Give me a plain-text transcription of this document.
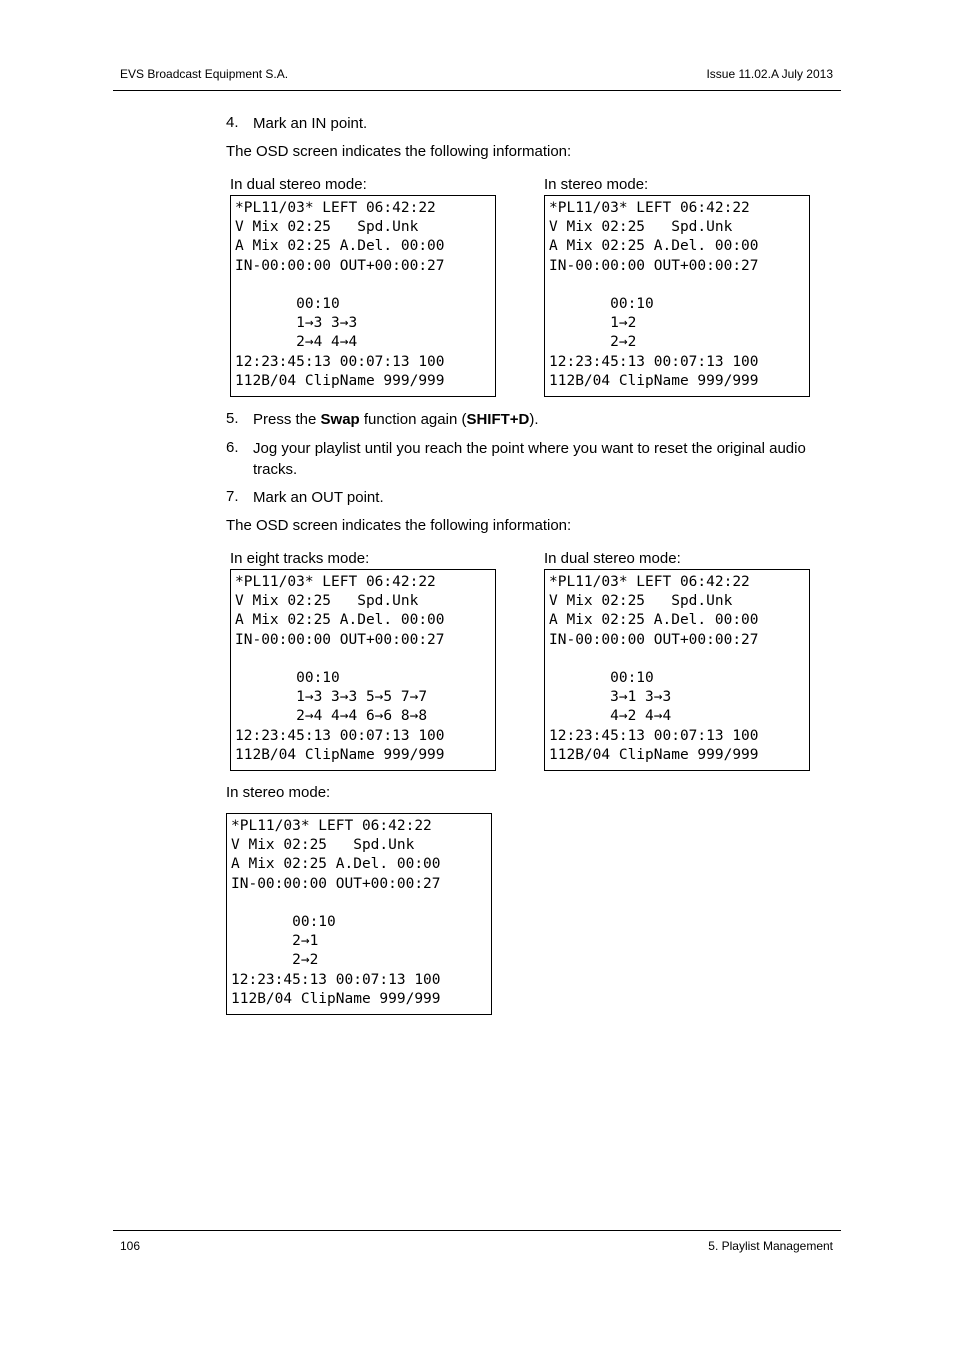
EVS Broadcast Equipment S.A.	Issue 11.02.A July 2013
4. Mark an IN point.
The OSD screen indicates the following information:
In dual stereo mode:
*PL11/03* LEFT 06:42:22
V Mix 02:25   Spd.Unk
A Mix 02:25 A.Del. 00:00
IN-00:00:00 OUT+00:00:27
00:10
1→3 3→3
2→4 4→4
12:23:45:13 00:07:13 100
112B/04 ClipName 999/999
In stereo mode:
*PL11/03* LEFT 06:42:22
V Mix 02:25   Spd.Unk
A Mix 02:25 A.Del. 00:00
IN-00:00:00 OUT+00:00:27
00:10
1→2
2→2
12:23:45:13 00:07:13 100
112B/04 ClipName 999/999
5. Press the Swap function again (SHIFT+D).
6. Jog your playlist until you reach the point where you want to reset the original audio tracks.
7. Mark an OUT point.
The OSD screen indicates the following information:
In eight tracks mode:
*PL11/03* LEFT 06:42:22
V Mix 02:25   Spd.Unk
A Mix 02:25 A.Del. 00:00
IN-00:00:00 OUT+00:00:27
00:10
1→3 3→3 5→5 7→7
2→4 4→4 6→6 8→8
12:23:45:13 00:07:13 100
112B/04 ClipName 999/999
In dual stereo mode:
*PL11/03* LEFT 06:42:22
V Mix 02:25   Spd.Unk
A Mix 02:25 A.Del. 00:00
IN-00:00:00 OUT+00:00:27
00:10
3→1 3→3
4→2 4→4
12:23:45:13 00:07:13 100
112B/04 ClipName 999/999
In stereo mode:
*PL11/03* LEFT 06:42:22
V Mix 02:25   Spd.Unk
A Mix 02:25 A.Del. 00:00
IN-00:00:00 OUT+00:00:27
00:10
2→1
2→2
12:23:45:13 00:07:13 100
112B/04 ClipName 999/999
106	5. Playlist Management
